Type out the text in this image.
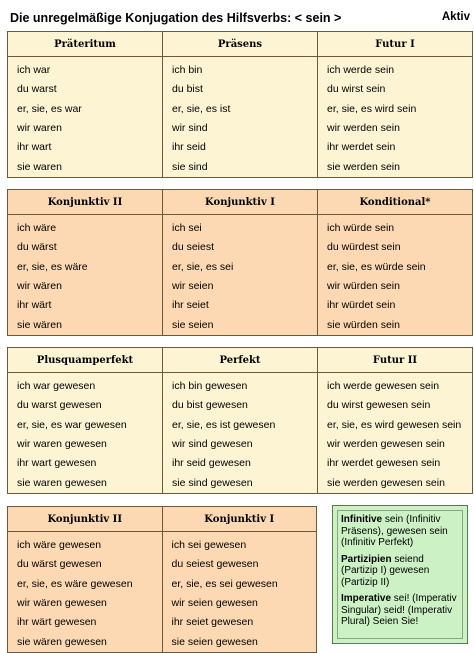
Die unregelmäßige Konjugation des Hilfsverbs: < sein >	Aktiv
Präteritum	Präsens	Futur I
ich war	ich bin	ich werde sein
du warst	du bist	du wirst sein
er, sie, es war	er, sie, es ist	er, sie, es wird sein
wir waren	wir sind	wir werden sein
ihr wart	ihr seid	ihr werdet sein
sie waren	sie sind	sie werden sein
Konjunktiv II	Konjunktiv I	Konditional*
ich wäre	ich sei	ich würde sein
du wärst	du seiest	du würdest sein
er, sie, es wäre	er, sie, es sei	er, sie, es würde sein
wir wären	wir seien	wir würden sein
ihr wärt	ihr seiet	ihr würdet sein
sie wären	sie seien	sie würden sein
Plusquamperfekt	Perfekt	Futur II
ich war gewesen	ich bin gewesen	ich werde gewesen sein
du warst gewesen	du bist gewesen	du wirst gewesen sein
er, sie, es war gewesen	er, sie, es ist gewesen	er, sie, es wird gewesen sein
wir waren gewesen	wir sind gewesen	wir werden gewesen sein
ihr wart gewesen	ihr seid gewesen	ihr werdet gewesen sein
sie waren gewesen	sie sind gewesen	sie werden gewesen sein
Konjunktiv II	Konjunktiv I
ich wäre gewesen	ich sei gewesen
du wärst gewesen	du seiest gewesen
er, sie, es wäre gewesen	er, sie, es sei gewesen
wir wären gewesen	wir seien gewesen
ihr wärt gewesen	ihr seiet gewesen
sie wären gewesen	sie seien gewesen

Infinitive sein (Infinitiv Präsens), gewesen sein (Infinitiv Perfekt)

Partizipien seiend (Partizip I) gewesen (Partizip II)

Imperative sei! (Imperativ Singular) seid! (Imperativ Plural) Seien Sie!
